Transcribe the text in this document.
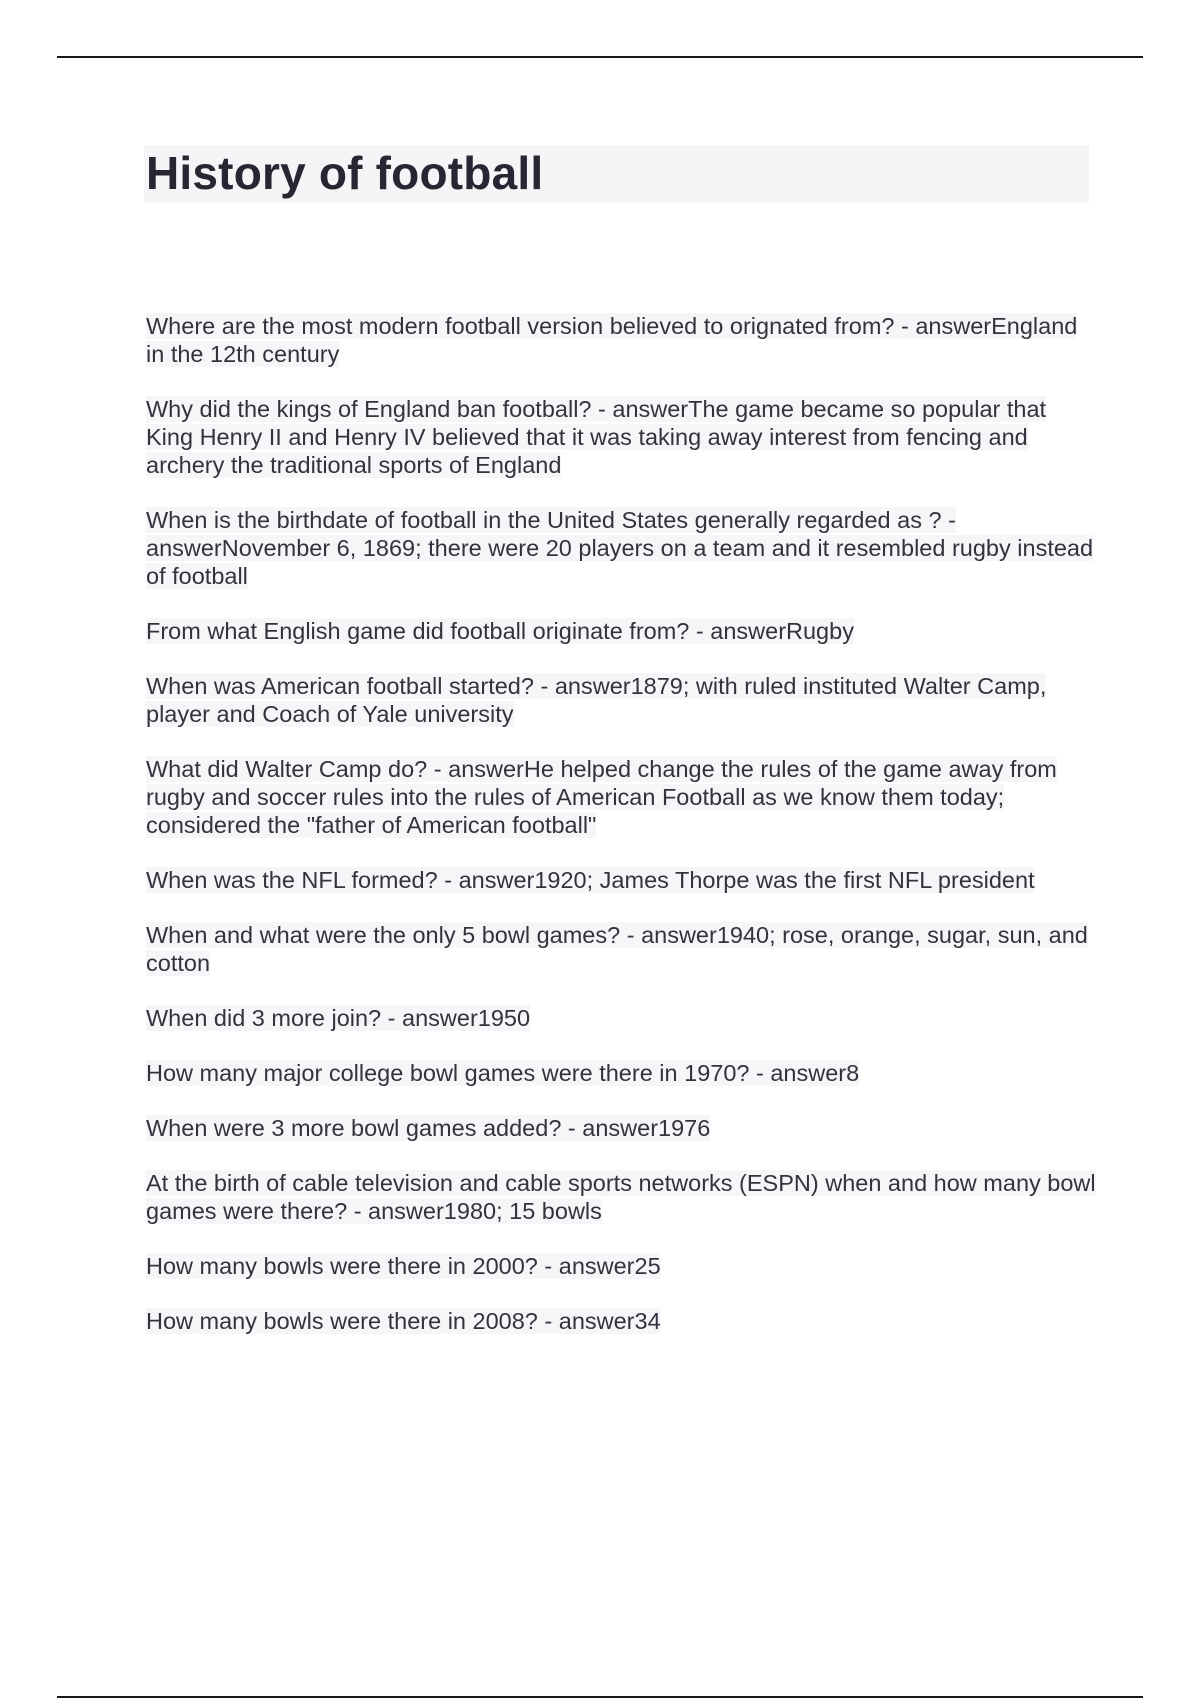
History of football
Where are the most modern football version believed to orignated from? - answerEngland in the 12th century
Why did the kings of England ban football? - answerThe game became so popular that King Henry II and Henry IV believed that it was taking away interest from fencing and archery the traditional sports of England
When is the birthdate of football in the United States generally regarded as ? - answerNovember 6, 1869; there were 20 players on a team and it resembled rugby instead of football
From what English game did football originate from? - answerRugby
When was American football started? - answer1879; with ruled instituted Walter Camp, player and Coach of Yale university
What did Walter Camp do? - answerHe helped change the rules of the game away from rugby and soccer rules into the rules of American Football as we know them today; considered the "father of American football"
When was the NFL formed? - answer1920; James Thorpe was the first NFL president
When and what were the only 5 bowl games? - answer1940; rose, orange, sugar, sun, and cotton
When did 3 more join? - answer1950
How many major college bowl games were there in 1970? - answer8
When were 3 more bowl games added? - answer1976
At the birth of cable television and cable sports networks (ESPN) when and how many bowl games were there? - answer1980; 15 bowls
How many bowls were there in 2000? - answer25
How many bowls were there in 2008? - answer34
